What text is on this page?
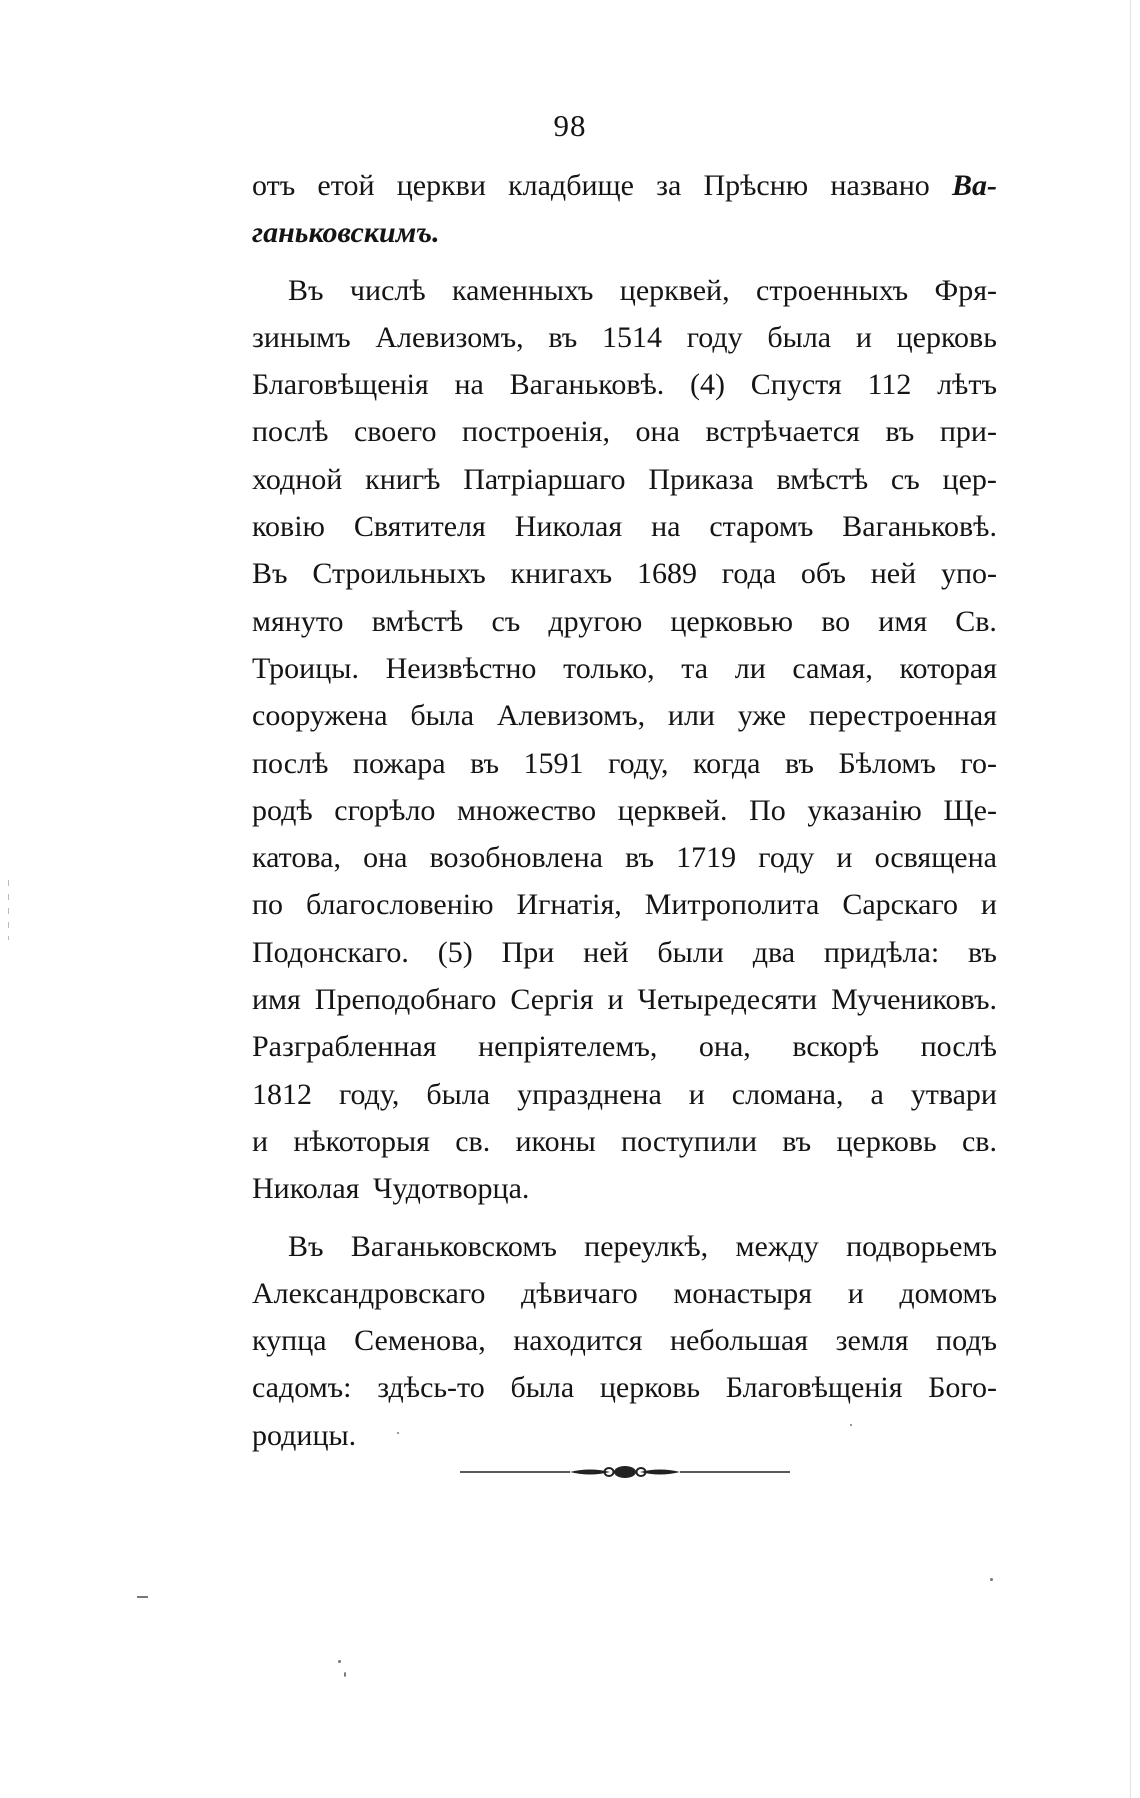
98
отъ етой церкви кладбище за Прѣсню названо Ва-
ганьковскимъ.
Въ числѣ каменныхъ церквей, строенныхъ Фря-
зинымъ Алевизомъ, въ 1514 году была и церковь
Благовѣщенія на Ваганьковѣ. (4) Спустя 112 лѣтъ
послѣ своего построенія, она встрѣчается въ при-
ходной книгѣ Патріаршаго Приказа вмѣстѣ съ цер-
ковію Святителя Николая на старомъ Ваганьковѣ.
Въ Строильныхъ книгахъ 1689 года объ ней упо-
мянуто вмѣстѣ съ другою церковью во имя Св.
Троицы. Неизвѣстно только, та ли самая, которая
сооружена была Алевизомъ, или уже перестроенная
послѣ пожара въ 1591 году, когда въ Бѣломъ го-
родѣ сгорѣло множество церквей. По указанію Ще-
катова, она возобновлена въ 1719 году и освящена
по благословенію Игнатія, Митрополита Сарскаго и
Подонскаго. (5) При ней были два придѣла: въ
имя Преподобнаго Сергія и Четыредесяти Мучениковъ.
Разграбленная непріятелемъ, она, вскорѣ послѣ
1812 году, была упразднена и сломана, а утвари
и нѣкоторыя св. иконы поступили въ церковь св.
Николая Чудотворца.
Въ Ваганьковскомъ переулкѣ, между подворьемъ
Александровскаго дѣвичаго монастыря и домомъ
купца Семенова, находится небольшая земля подъ
садомъ: здѣсь-то была церковь Благовѣщенія Бого-
родицы.
